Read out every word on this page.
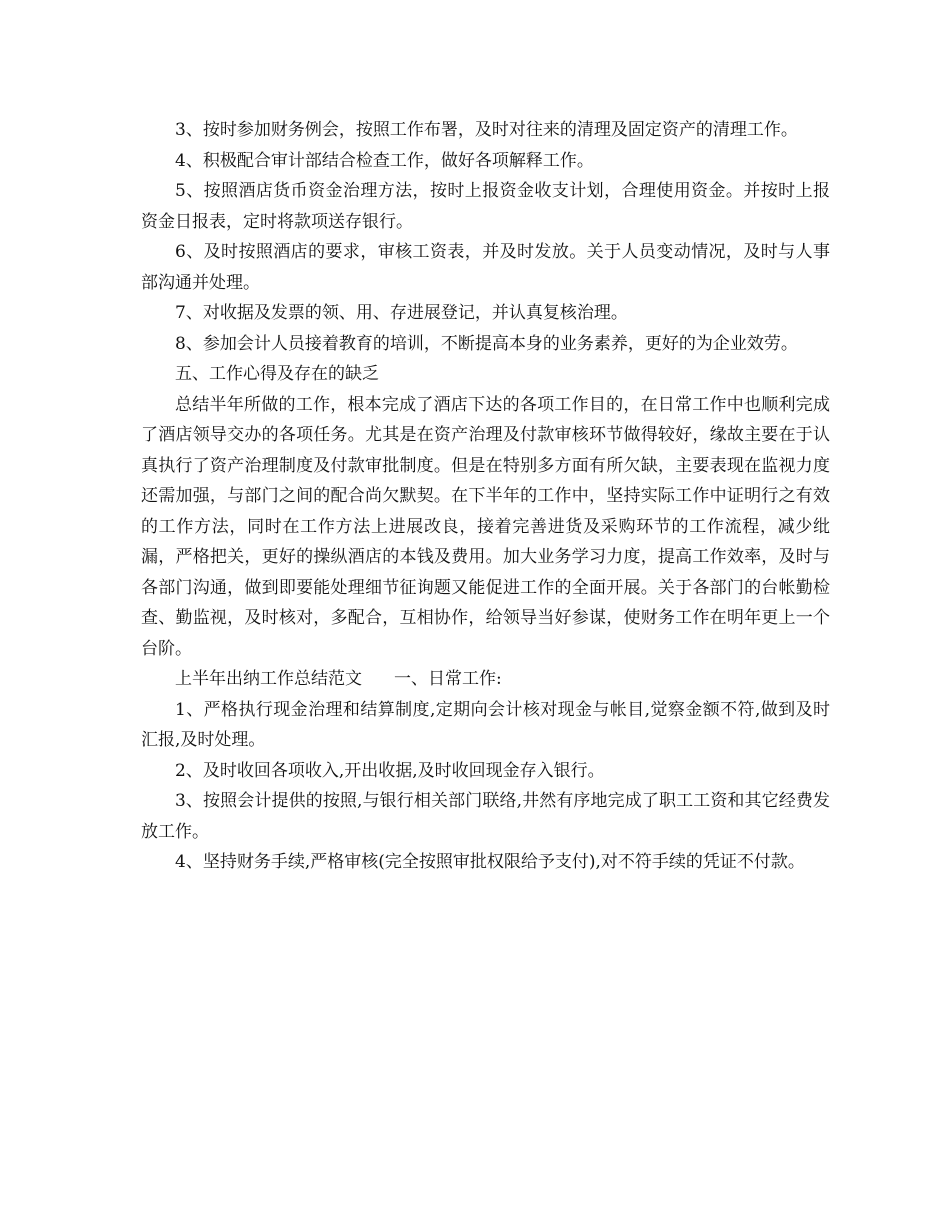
3、按时参加财务例会，按照工作布署，及时对往来的清理及固定资产的清理工作。

4、积极配合审计部结合检查工作，做好各项解释工作。

5、按照酒店货币资金治理方法，按时上报资金收支计划，合理使用资金。并按时上报资金日报表，定时将款项送存银行。

6、及时按照酒店的要求，审核工资表，并及时发放。关于人员变动情况，及时与人事部沟通并处理。

7、对收据及发票的领、用、存进展登记，并认真复核治理。

8、参加会计人员接着教育的培训，不断提高本身的业务素养，更好的为企业效劳。

五、工作心得及存在的缺乏

总结半年所做的工作，根本完成了酒店下达的各项工作目的，在日常工作中也顺利完成了酒店领导交办的各项任务。尤其是在资产治理及付款审核环节做得较好，缘故主要在于认真执行了资产治理制度及付款审批制度。但是在特别多方面有所欠缺，主要表现在监视力度还需加强，与部门之间的配合尚欠默契。在下半年的工作中，坚持实际工作中证明行之有效的工作方法，同时在工作方法上进展改良，接着完善进货及采购环节的工作流程，减少纰漏，严格把关，更好的操纵酒店的本钱及费用。加大业务学习力度，提高工作效率，及时与各部门沟通，做到即要能处理细节征询题又能促进工作的全面开展。关于各部门的台帐勤检查、勤监视，及时核对，多配合，互相协作，给领导当好参谋，使财务工作在明年更上一个台阶。

上半年出纳工作总结范文 一、日常工作:

1、严格执行现金治理和结算制度,定期向会计核对现金与帐目,觉察金额不符,做到及时汇报,及时处理。

2、及时收回各项收入,开出收据,及时收回现金存入银行。

3、按照会计提供的按照,与银行相关部门联络,井然有序地完成了职工工资和其它经费发放工作。

4、坚持财务手续,严格审核(完全按照审批权限给予支付),对不符手续的凭证不付款。
